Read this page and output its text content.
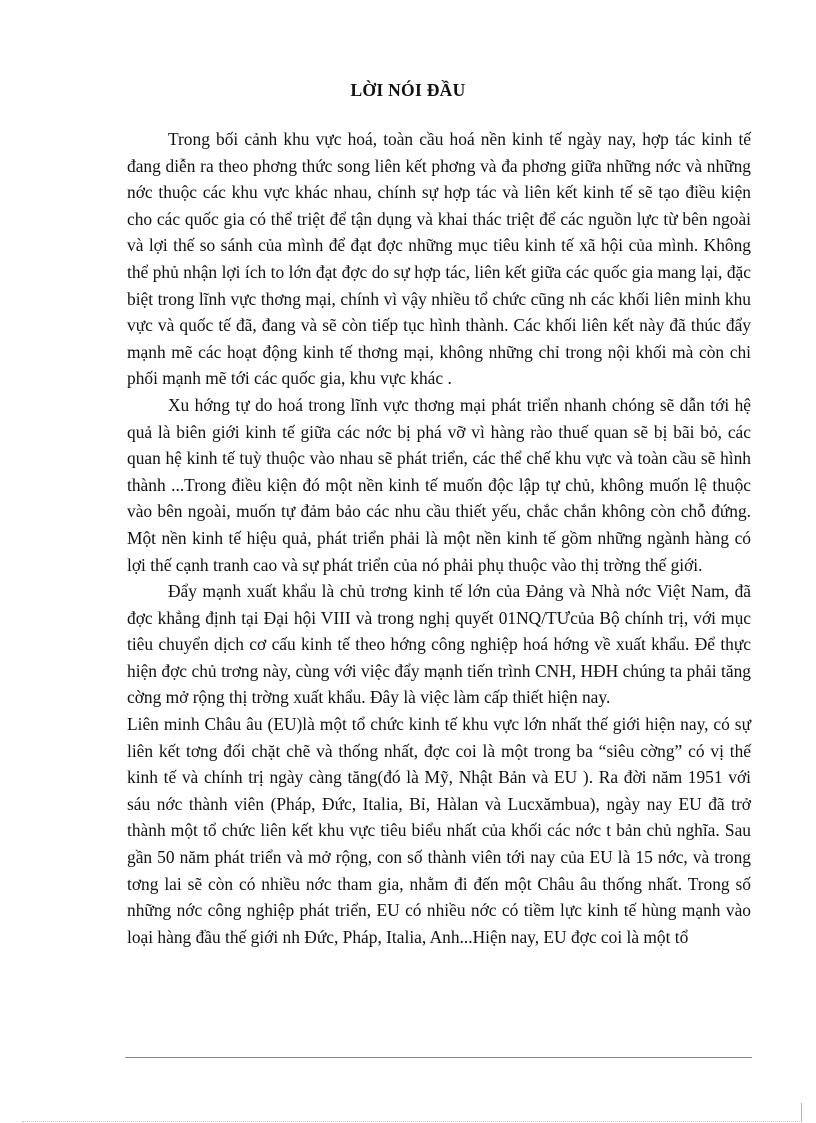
LỜI NÓI ĐẦU

Trong bối cảnh khu vực hoá, toàn cầu hoá nền kinh tế ngày nay, hợp tác kinh tế đang diễn ra theo phơng thức song liên kết phơng và đa phơng giữa những nớc và những nớc thuộc các khu vực khác nhau, chính sự hợp tác và liên kết kinh tế sẽ tạo điều kiện cho các quốc gia có thể triệt để tận dụng và khai thác triệt để các nguồn lực từ bên ngoài và lợi thế so sánh của mình để đạt đợc những mục tiêu kinh tế xã hội của mình. Không thể phủ nhận lợi ích to lớn đạt đợc do sự hợp tác, liên kết giữa các quốc gia mang lại, đặc biệt trong lĩnh vực thơng mại, chính vì vậy nhiều tổ chức cũng nh các khối liên minh khu vực và quốc tế đã, đang và sẽ còn tiếp tục hình thành. Các khối liên kết này đã thúc đẩy mạnh mẽ các hoạt động kinh tế thơng mại, không những chỉ trong nội khối mà còn chi phối mạnh mẽ tới các quốc gia, khu vực khác .

Xu hớng tự do hoá trong lĩnh vực thơng mại phát triển nhanh chóng sẽ dẫn tới hệ quả là biên giới kinh tế giữa các nớc bị phá vỡ vì hàng rào thuế quan sẽ bị bãi bỏ, các quan hệ kinh tế tuỳ thuộc vào nhau sẽ phát triển, các thể chế khu vực và toàn cầu sẽ hình thành ...Trong điều kiện đó một nền kinh tế muốn độc lập tự chủ, không muốn lệ thuộc vào bên ngoài, muốn tự đảm bảo các nhu cầu thiết yếu, chắc chắn không còn chỗ đứng. Một nền kinh tế hiệu quả, phát triển phải là một nền kinh tế gồm những ngành hàng có lợi thế cạnh tranh cao và sự phát triển của nó phải phụ thuộc vào thị trờng thế giới.

Đẩy mạnh xuất khẩu là chủ trơng kinh tế lớn của Đảng và Nhà nớc Việt Nam, đã đợc khẳng định tại Đại hội VIII và trong nghị quyết 01NQ/TƯcủa Bộ chính trị, với mục tiêu chuyển dịch cơ cấu kinh tế theo hớng công nghiệp hoá hớng về xuất khẩu. Để thực hiện đợc chủ trơng này, cùng với việc đẩy mạnh tiến trình CNH, HĐH chúng ta phải tăng cờng mở rộng thị trờng xuất khẩu. Đây là việc làm cấp thiết hiện nay.

Liên minh Châu âu (EU)là một tổ chức kinh tế khu vực lớn nhất thế giới hiện nay, có sự liên kết tơng đối chặt chẽ và thống nhất, đợc coi là một trong ba “siêu cờng” có vị thế kinh tế và chính trị ngày càng tăng(đó là Mỹ, Nhật Bản và EU ). Ra đời năm 1951 với sáu nớc thành viên (Pháp, Đức, Italia, Bỉ, Hàlan và Lucxămbua), ngày nay EU đã trở thành một tổ chức liên kết khu vực tiêu biểu nhất của khối các nớc t bản chủ nghĩa. Sau gần 50 năm phát triển và mở rộng, con số thành viên tới nay của EU là 15 nớc, và trong tơng lai sẽ còn có nhiều nớc tham gia, nhằm đi đến một Châu âu thống nhất. Trong số những nớc công nghiệp phát triển, EU có nhiều nớc có tiềm lực kinh tế hùng mạnh vào loại hàng đầu thế giới nh Đức, Pháp, Italia, Anh...Hiện nay, EU đợc coi là một tổ
